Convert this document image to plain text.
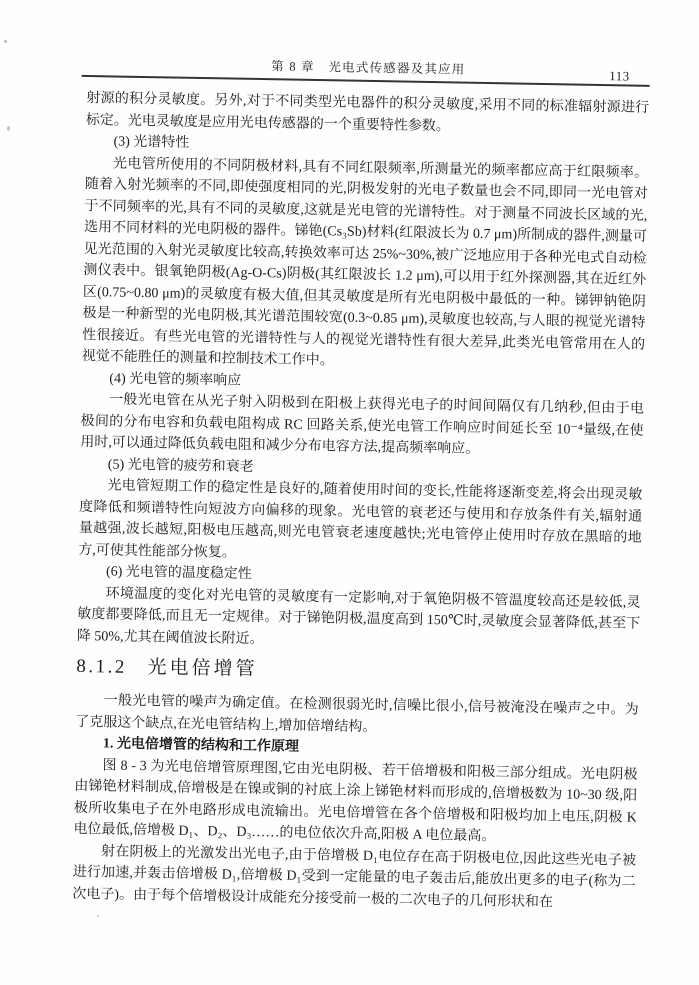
第 8 章　光电式传感器及其应用	113

射源的积分灵敏度。另外,对于不同类型光电器件的积分灵敏度,采用不同的标准辐射源进行标定。光电灵敏度是应用光电传感器的一个重要特性参数。

(3) 光谱特性

光电管所使用的不同阴极材料,具有不同红限频率,所测量光的频率都应高于红限频率。随着入射光频率的不同,即使强度相同的光,阴极发射的光电子数量也会不同,即同一光电管对于不同频率的光,具有不同的灵敏度,这就是光电管的光谱特性。对于测量不同波长区域的光,选用不同材料的光电阴极的器件。锑铯(Cs₃Sb)材料(红限波长为 0.7 μm)所制成的器件,测量可见光范围的入射光灵敏度比较高,转换效率可达 25%~30%,被广泛地应用于各种光电式自动检测仪表中。银氧铯阴极(Ag-O-Cs)阴极(其红限波长 1.2 μm),可以用于红外探测器,其在近红外区(0.75~0.80 μm)的灵敏度有极大值,但其灵敏度是所有光电阴极中最低的一种。锑钾钠铯阴极是一种新型的光电阴极,其光谱范围较宽(0.3~0.85 μm),灵敏度也较高,与人眼的视觉光谱特性很接近。有些光电管的光谱特性与人的视觉光谱特性有很大差异,此类光电管常用在人的视觉不能胜任的测量和控制技术工作中。

(4) 光电管的频率响应

一般光电管在从光子射入阴极到在阳极上获得光电子的时间间隔仅有几纳秒,但由于电极间的分布电容和负载电阻构成 RC 回路关系,使光电管工作响应时间延长至 10⁻⁴量级,在使用时,可以通过降低负载电阻和减少分布电容方法,提高频率响应。

(5) 光电管的疲劳和衰老

光电管短期工作的稳定性是良好的,随着使用时间的变长,性能将逐渐变差,将会出现灵敏度降低和频谱特性向短波方向偏移的现象。光电管的衰老还与使用和存放条件有关,辐射通量越强,波长越短,阳极电压越高,则光电管衰老速度越快;光电管停止使用时存放在黑暗的地方,可使其性能部分恢复。

(6) 光电管的温度稳定性

环境温度的变化对光电管的灵敏度有一定影响,对于氧铯阴极不管温度较高还是较低,灵敏度都要降低,而且无一定规律。对于锑铯阴极,温度高到 150℃时,灵敏度会显著降低,甚至下降 50%,尤其在阈值波长附近。

8.1.2 光电倍增管

一般光电管的噪声为确定值。在检测很弱光时,信噪比很小,信号被淹没在噪声之中。为了克服这个缺点,在光电管结构上,增加倍增结构。

1. 光电倍增管的结构和工作原理

图 8 - 3 为光电倍增管原理图,它由光电阴极、若干倍增极和阳极三部分组成。光电阴极由锑铯材料制成,倍增极是在镍或铜的衬底上涂上锑铯材料而形成的,倍增极数为 10~30 级,阳极所收集电子在外电路形成电流输出。光电倍增管在各个倍增极和阳极均加上电压,阴极 K 电位最低,倍增极 D₁、D₂、D₃……的电位依次升高,阳极 A 电位最高。

射在阴极上的光激发出光电子,由于倍增极 D₁电位存在高于阴极电位,因此这些光电子被进行加速,并轰击倍增极 D₁,倍增极 D₁受到一定能量的电子轰击后,能放出更多的电子(称为二次电子)。由于每个倍增极设计成能充分接受前一极的二次电子的几何形状和在
